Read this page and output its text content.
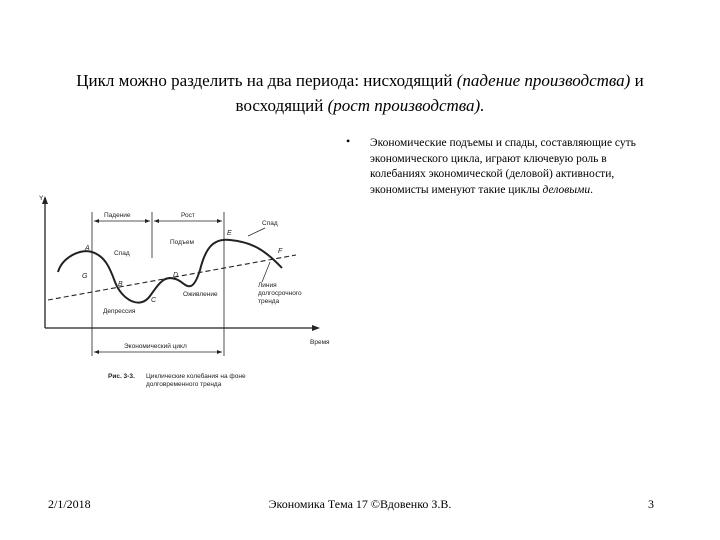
Цикл можно разделить на два периода: нисходящий (падение производства) и восходящий (рост производства).
• Экономические подъемы и спады, составляющие суть экономического цикла, играют ключевую роль в колебаниях экономической (деловой) активности, экономисты именуют такие циклы деловыми.
Y
Время
Падение	Рост
Экономический цикл
A
G
B
C
D
E
F
Спад
Подъем
Спад
Оживление
Депрессия
Линия
долгосрочного
тренда
Рис. 3-3. Циклические колебания на фоне
долговременного тренда
2/1/2018	Экономика Тема 17 ©Вдовенко З.В.	3
